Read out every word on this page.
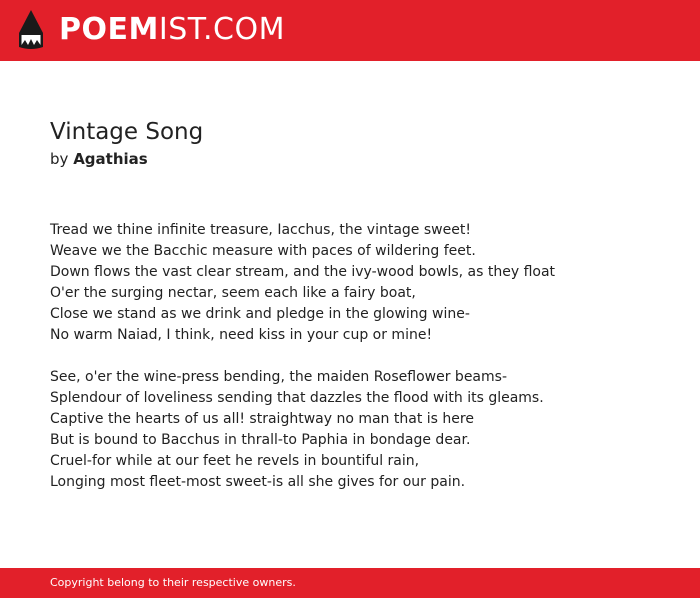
POEMIST.COM
Vintage Song
by Agathias
Tread we thine infinite treasure, Iacchus, the vintage sweet!
Weave we the Bacchic measure with paces of wildering feet.
Down flows the vast clear stream, and the ivy-wood bowls, as they float
O'er the surging nectar, seem each like a fairy boat,
Close we stand as we drink and pledge in the glowing wine-
No warm Naiad, I think, need kiss in your cup or mine!
See, o'er the wine-press bending, the maiden Roseflower beams-
Splendour of loveliness sending that dazzles the flood with its gleams.
Captive the hearts of us all! straightway no man that is here
But is bound to Bacchus in thrall-to Paphia in bondage dear.
Cruel-for while at our feet he revels in bountiful rain,
Longing most fleet-most sweet-is all she gives for our pain.
Copyright belong to their respective owners.
